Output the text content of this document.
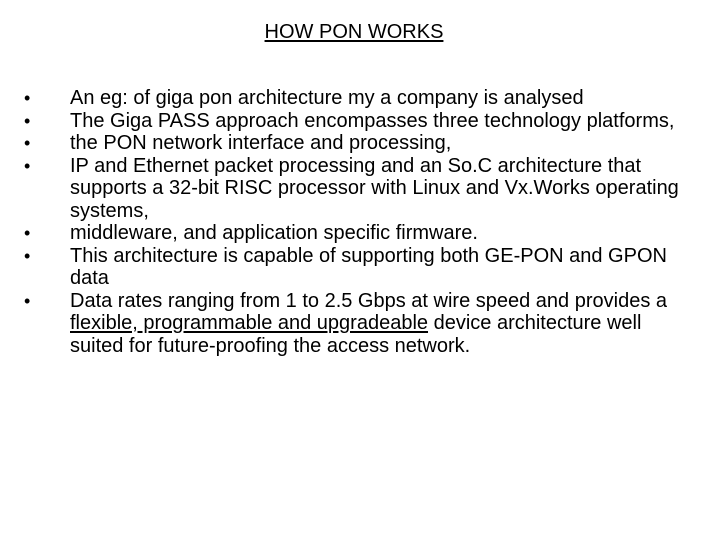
HOW PON WORKS
•	An eg: of giga pon architecture my a company is analysed
•	The Giga PASS approach encompasses three technology platforms,
•	the PON network interface and processing,
•	IP and Ethernet packet processing and an So.C architecture that supports a 32-bit RISC processor with Linux and Vx.Works operating systems,
•	middleware, and application specific firmware.
•	This architecture is capable of supporting both GE-PON and GPON data
•	Data rates ranging from 1 to 2.5 Gbps at wire speed and provides a flexible, programmable and upgradeable device architecture well suited for future-proofing the access network.
